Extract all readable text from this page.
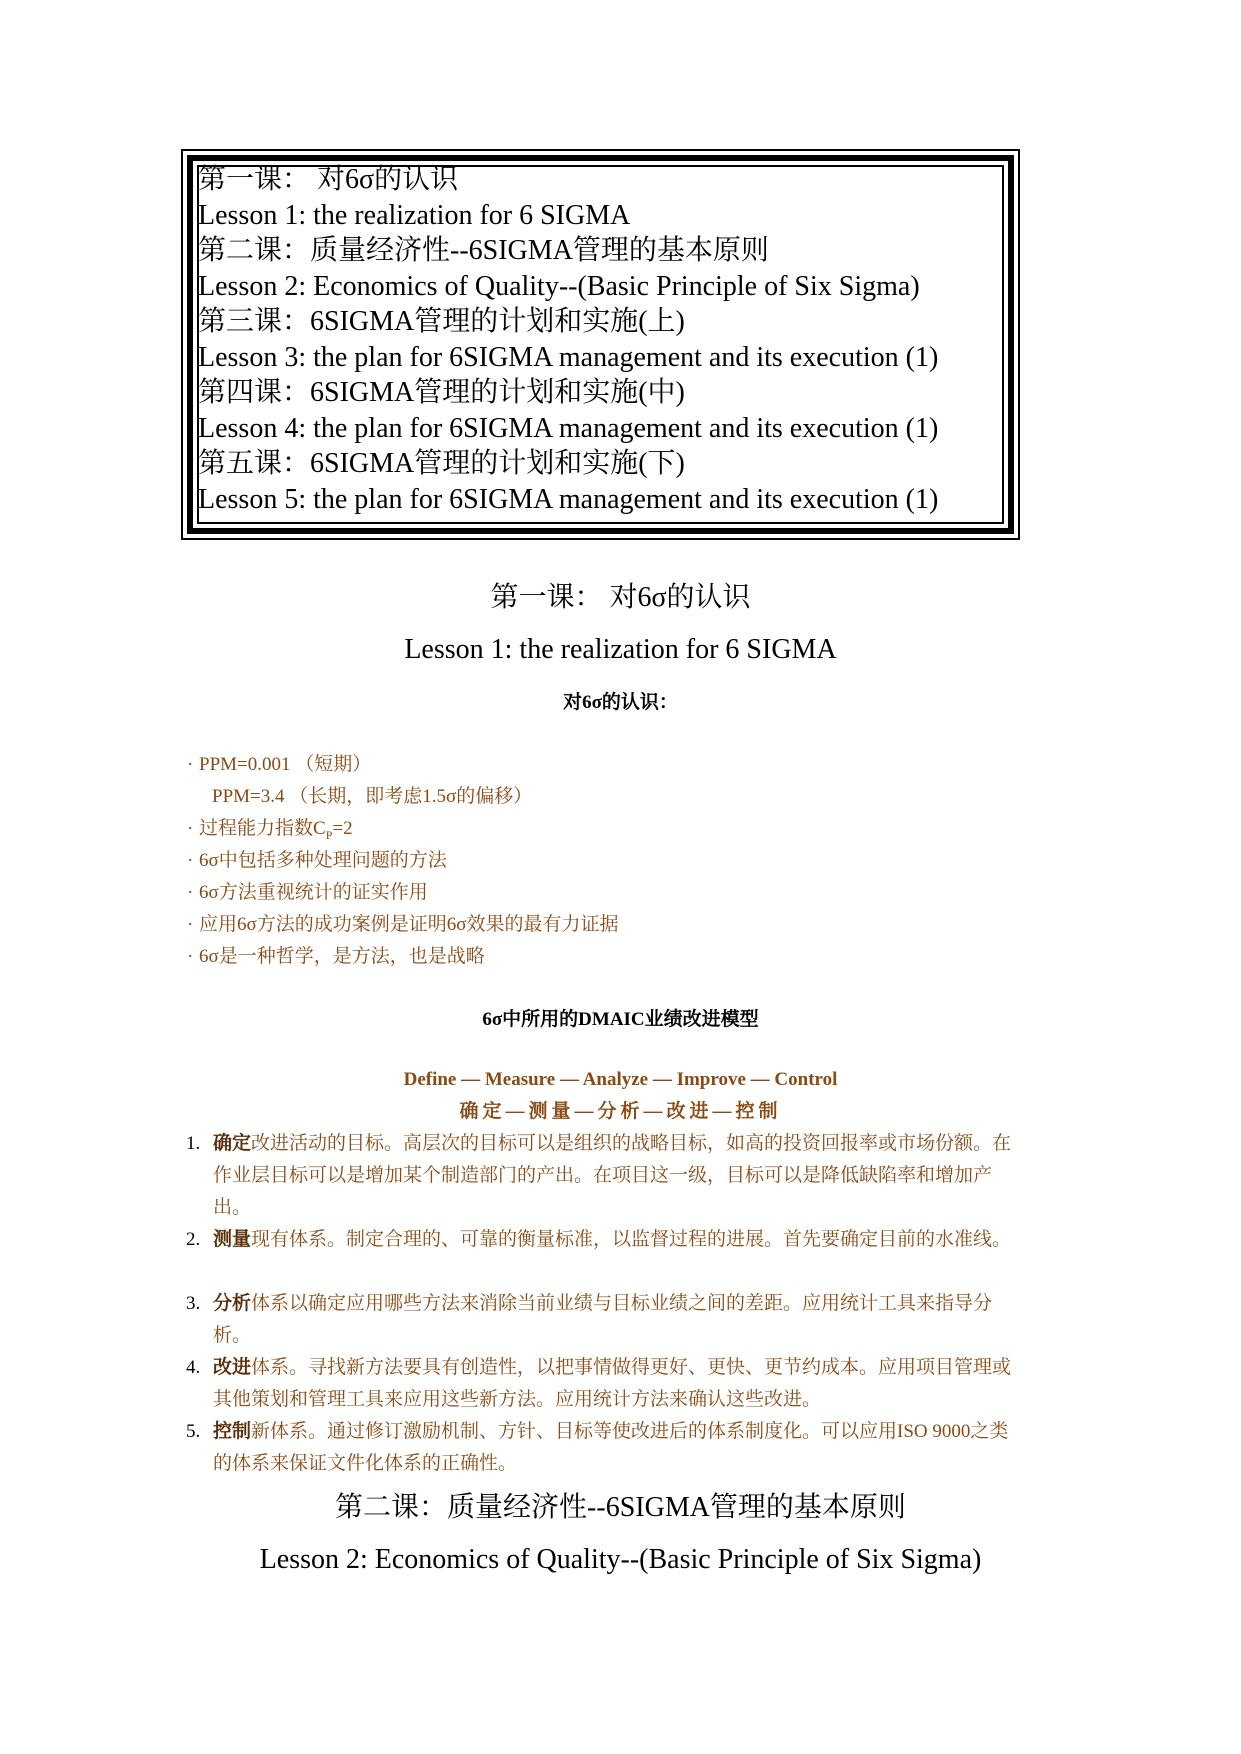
第一课： 对6σ的认识
Lesson 1: the realization for 6 SIGMA
第二课：质量经济性--6SIGMA管理的基本原则
Lesson 2: Economics of Quality--(Basic Principle of Six Sigma)
第三课：6SIGMA管理的计划和实施(上)
Lesson 3: the plan for 6SIGMA management and its execution (1)
第四课：6SIGMA管理的计划和实施(中)
Lesson 4: the plan for 6SIGMA management and its execution (1)
第五课：6SIGMA管理的计划和实施(下)
Lesson 5: the plan for 6SIGMA management and its execution (1)
第一课： 对6σ的认识
Lesson 1: the realization for 6 SIGMA
对6σ的认识：
· PPM=0.001 （短期）
PPM=3.4 （长期，即考虑1.5σ的偏移）
· 过程能力指数$C_P=2$
· 6σ中包括多种处理问题的方法
· 6σ方法重视统计的证实作用
· 应用6σ方法的成功案例是证明6σ效果的最有力证据
· 6σ是一种哲学，是方法，也是战略
6σ中所用的DMAIC业绩改进模型
Define — Measure — Analyze — Improve — Control
确定—测量—分析—改进—控制
1. 确定改进活动的目标。高层次的目标可以是组织的战略目标，如高的投资回报率或市场份额。在作业层目标可以是增加某个制造部门的产出。在项目这一级，目标可以是降低缺陷率和增加产出。
2. 测量现有体系。制定合理的、可靠的衡量标准，以监督过程的进展。首先要确定目前的水准线。
3. 分析体系以确定应用哪些方法来消除当前业绩与目标业绩之间的差距。应用统计工具来指导分析。
4. 改进体系。寻找新方法要具有创造性，以把事情做得更好、更快、更节约成本。应用项目管理或其他策划和管理工具来应用这些新方法。应用统计方法来确认这些改进。
5. 控制新体系。通过修订激励机制、方针、目标等使改进后的体系制度化。可以应用ISO 9000之类的体系来保证文件化体系的正确性。
第二课：质量经济性--6SIGMA管理的基本原则
Lesson 2: Economics of Quality--(Basic Principle of Six Sigma)
